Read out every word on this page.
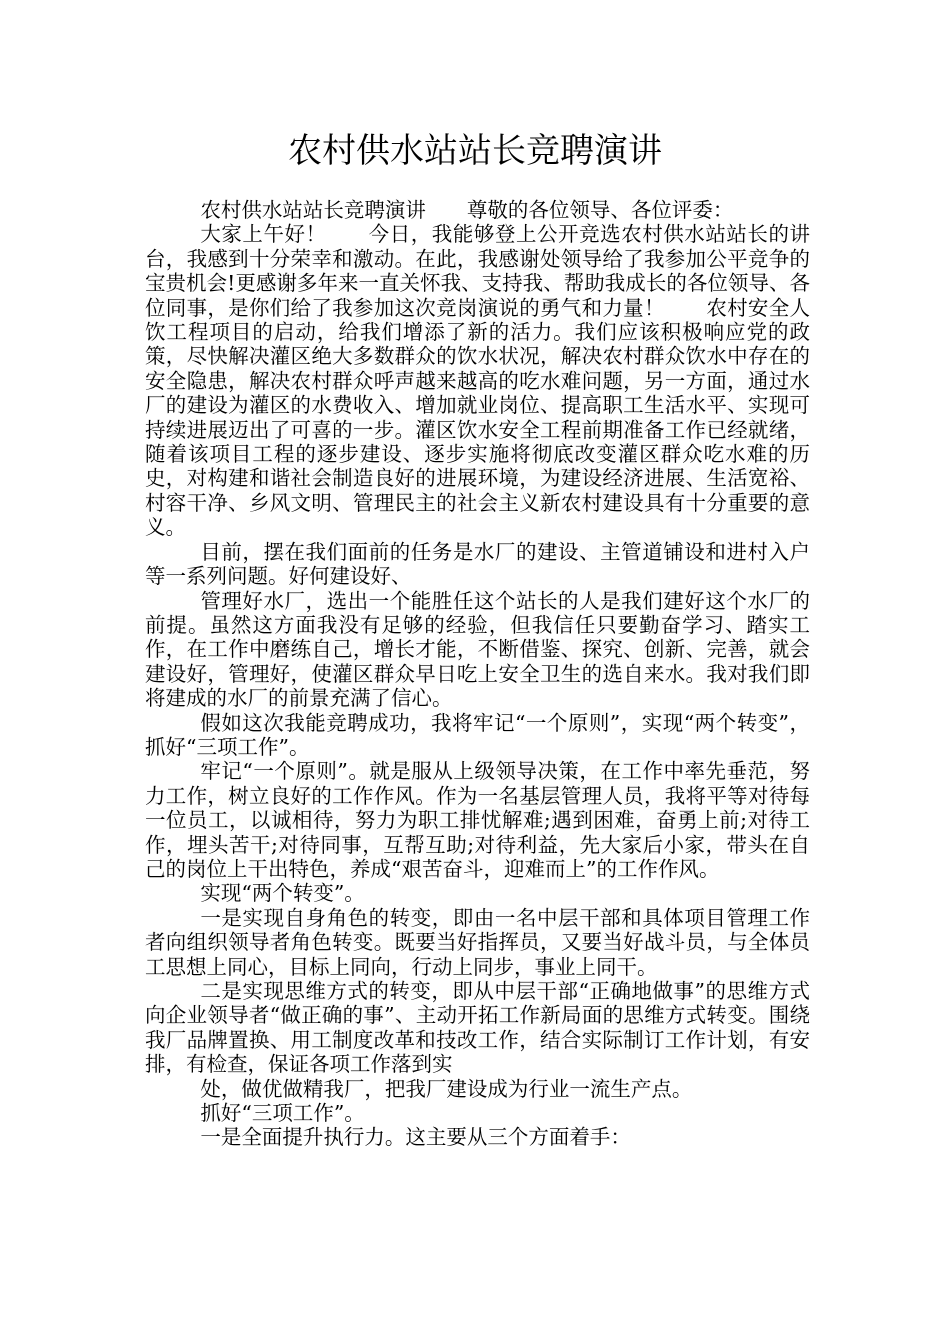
农村供水站站长竞聘演讲

农村供水站站长竞聘演讲　　尊敬的各位领导、各位评委：

大家上午好！　　今日，我能够登上公开竞选农村供水站站长的讲台，我感到十分荣幸和激动。在此，我感谢处领导给了我参加公平竞争的宝贵机会!更感谢多年来一直关怀我、支持我、帮助我成长的各位领导、各位同事，是你们给了我参加这次竞岗演说的勇气和力量！　　农村安全人饮工程项目的启动，给我们增添了新的活力。我们应该积极响应党的政策，尽快解决灌区绝大多数群众的饮水状况，解决农村群众饮水中存在的安全隐患，解决农村群众呼声越来越高的吃水难问题，另一方面，通过水厂的建设为灌区的水费收入、增加就业岗位、提高职工生活水平、实现可持续进展迈出了可喜的一步。灌区饮水安全工程前期准备工作已经就绪，随着该项目工程的逐步建设、逐步实施将彻底改变灌区群众吃水难的历史，对构建和谐社会制造良好的进展环境，为建设经济进展、生活宽裕、村容干净、乡风文明、管理民主的社会主义新农村建设具有十分重要的意义。

目前，摆在我们面前的任务是水厂的建设、主管道铺设和进村入户等一系列问题。好何建设好、

管理好水厂，选出一个能胜任这个站长的人是我们建好这个水厂的前提。虽然这方面我没有足够的经验，但我信任只要勤奋学习、踏实工作，在工作中磨练自己，增长才能，不断借鉴、探究、创新、完善，就会建设好，管理好，使灌区群众早日吃上安全卫生的选自来水。我对我们即将建成的水厂的前景充满了信心。

假如这次我能竞聘成功，我将牢记“一个原则”，实现“两个转变”，抓好“三项工作”。

牢记“一个原则”。就是服从上级领导决策，在工作中率先垂范，努力工作，树立良好的工作作风。作为一名基层管理人员，我将平等对待每一位员工，以诚相待，努力为职工排忧解难;遇到困难，奋勇上前;对待工作，埋头苦干;对待同事，互帮互助;对待利益，先大家后小家，带头在自己的岗位上干出特色，养成“艰苦奋斗，迎难而上”的工作作风。

实现“两个转变”。

一是实现自身角色的转变，即由一名中层干部和具体项目管理工作者向组织领导者角色转变。既要当好指挥员，又要当好战斗员，与全体员工思想上同心，目标上同向，行动上同步，事业上同干。

二是实现思维方式的转变，即从中层干部“正确地做事”的思维方式向企业领导者“做正确的事”、主动开拓工作新局面的思维方式转变。围绕我厂品牌置换、用工制度改革和技改工作，结合实际制订工作计划，有安排，有检查，保证各项工作落到实

处，做优做精我厂，把我厂建设成为行业一流生产点。

抓好“三项工作”。

一是全面提升执行力。这主要从三个方面着手：
